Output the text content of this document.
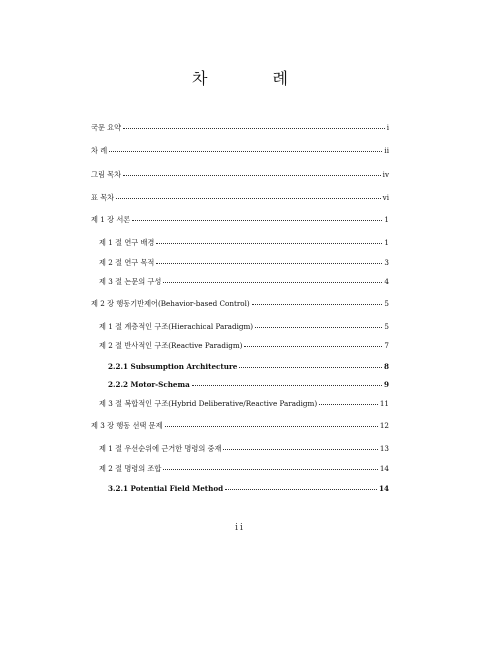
차 례
국문 요약	i
차 례	ii
그림 목차	iv
표 목차	vi
제 1 장 서론	1
제 1 절 연구 배경	1
제 2 절 연구 목적	3
제 3 절 논문의 구성	4
제 2 장 행동기반제어(Behavior-based Control)	5
제 1 절 계층적인 구조(Hierachical Paradigm)	5
제 2 절 반사적인 구조(Reactive Paradigm)	7
2.2.1 Subsumption Architecture	8
2.2.2 Motor-Schema	9
제 3 절 복합적인 구조(Hybrid Deliberative/Reactive Paradigm)	11
제 3 장 행동 선택 문제	12
제 1 절 우선순위에 근거한 명령의 중재	13
제 2 절 명령의 조합	14
3.2.1 Potential Field Method	14
ii
